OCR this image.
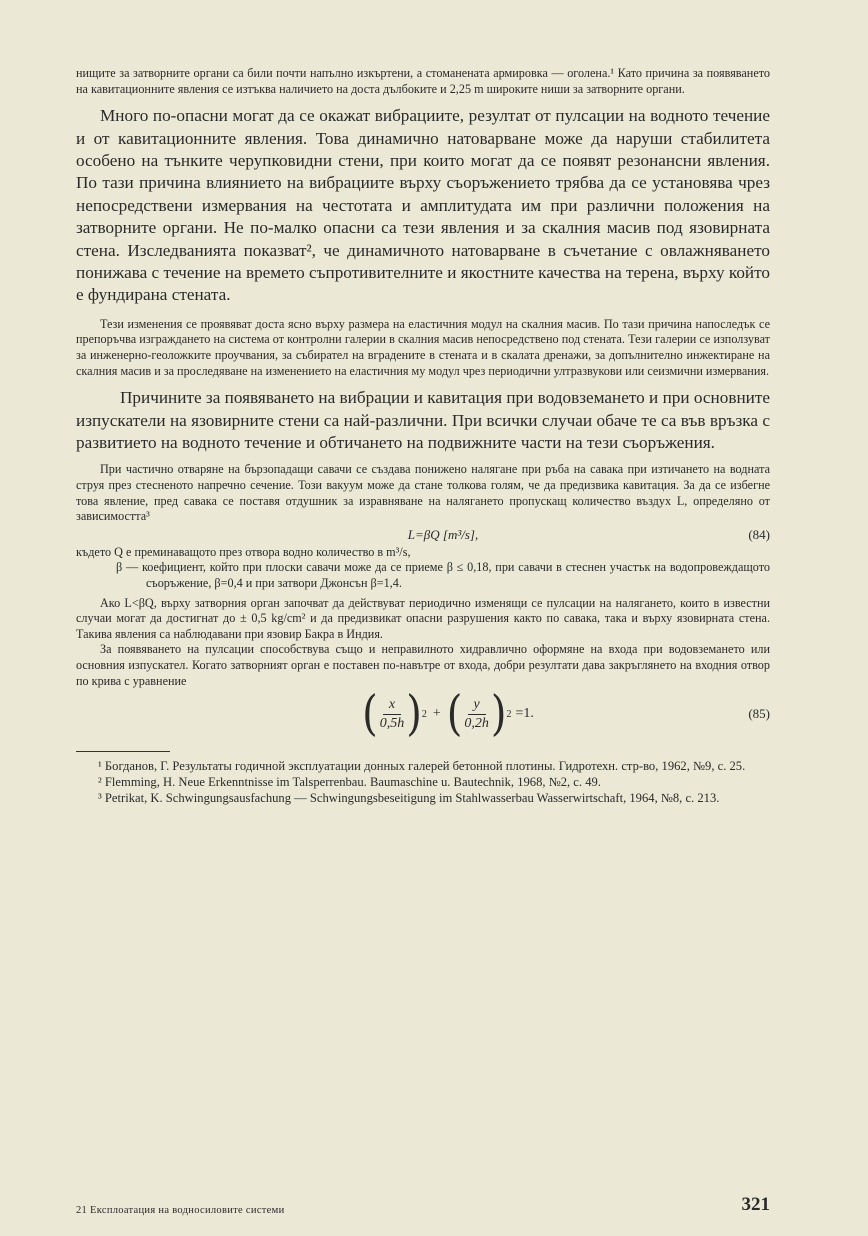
нищите за затворните органи са били почти напълно изкъртени, а стоманената армировка — оголена.¹ Като причина за появяването на кавитационните явления се изтъква наличието на доста дълбоките и 2,25 m широките ниши за затворните органи.

Много по-опасни могат да се окажат вибрациите, резултат от пулсации на водното течение и от кавитационните явления. Това динамично натоварване може да наруши стабилитета особено на тънките черупковидни стени, при които могат да се появят резонансни явления. По тази причина влиянието на вибрациите върху съоръжението трябва да се установява чрез непосредствени измервания на честотата и амплитудата им при различни положения на затворните органи. Не по-малко опасни са тези явления и за скалния масив под язовирната стена. Изследванията показват², че динамичното натоварване в съчетание с овлажняването понижава с течение на времето съпротивителните и якостните качества на терена, върху който е фундирана стената.

Тези изменения се проявяват доста ясно върху размера на еластичния модул на скалния масив. По тази причина напоследък се препоръчва изграждането на система от контролни галерии в скалния масив непосредствено под стената. Тези галерии се използуват за инженерно-геоложките проучвания, за събирател на вградените в стената и в скалата дренажи, за допълнително инжектиране на скалния масив и за проследяване на изменението на еластичния му модул чрез периодични ултразвукови или сеизмични измервания.

Причините за появяването на вибрации и кавитация при водовземането и при основните изпускатели на язовирните стени са най-различни. При всички случаи обаче те са във връзка с развитието на водното течение и обтичането на подвижните части на тези съоръжения.

При частично отваряне на бързопадащи савачи се създава понижено налягане при ръба на савака при изтичането на водната струя през стесненото напречно сечение. Този вакуум може да стане толкова голям, че да предизвика кавитация. За да се избегне това явление, пред савака се поставя отдушник за изравняване на налягането пропускащ количество въздух L, определяно от зависимостта³

L=βQ [m³/s],	(84)

където Q е преминаващото през отвора водно количество в m³/s,

β — коефициент, който при плоски савачи може да се приеме β ≤ 0,18, при савачи в стеснен участък на водопровеждащото съоръжение, β=0,4 и при затвори Джонсън β=1,4.

Ако L<βQ, върху затворния орган започват да действуват периодично изменящи се пулсации на налягането, които в известни случаи могат да достигнат до ± 0,5 kg/cm² и да предизвикат опасни разрушения както по савака, така и върху язовирната стена. Такива явления са наблюдавани при язовир Бакра в Индия.

За появяването на пулсации способствува също и неправилното хидравлично оформяне на входа при водовземането или основния изпускател. Когато затворният орган е поставен по-навътре от входа, добри резултати дава закръглянето на входния отвор по крива с уравнение

( $\frac{x}{0,5h}$ ) 2 + ( $\frac{y}{0,2h}$ ) 2 =1.	(85)

¹ Богданов, Г. Результаты годичной эксплуатации донных галерей бетонной плотины. Гидротехн. стр-во, 1962, №9, с. 25.

² Flemming, H. Neue Erkenntnisse im Talsperrenbau. Baumaschine u. Bautechnik, 1968, №2, с. 49.

³ Petrikat, K. Schwingungsausfachung — Schwingungsbeseitigung im Stahlwasserbau Wasserwirtschaft, 1964, №8, с. 213.

21 Експлоатация на водносиловите системи	321
